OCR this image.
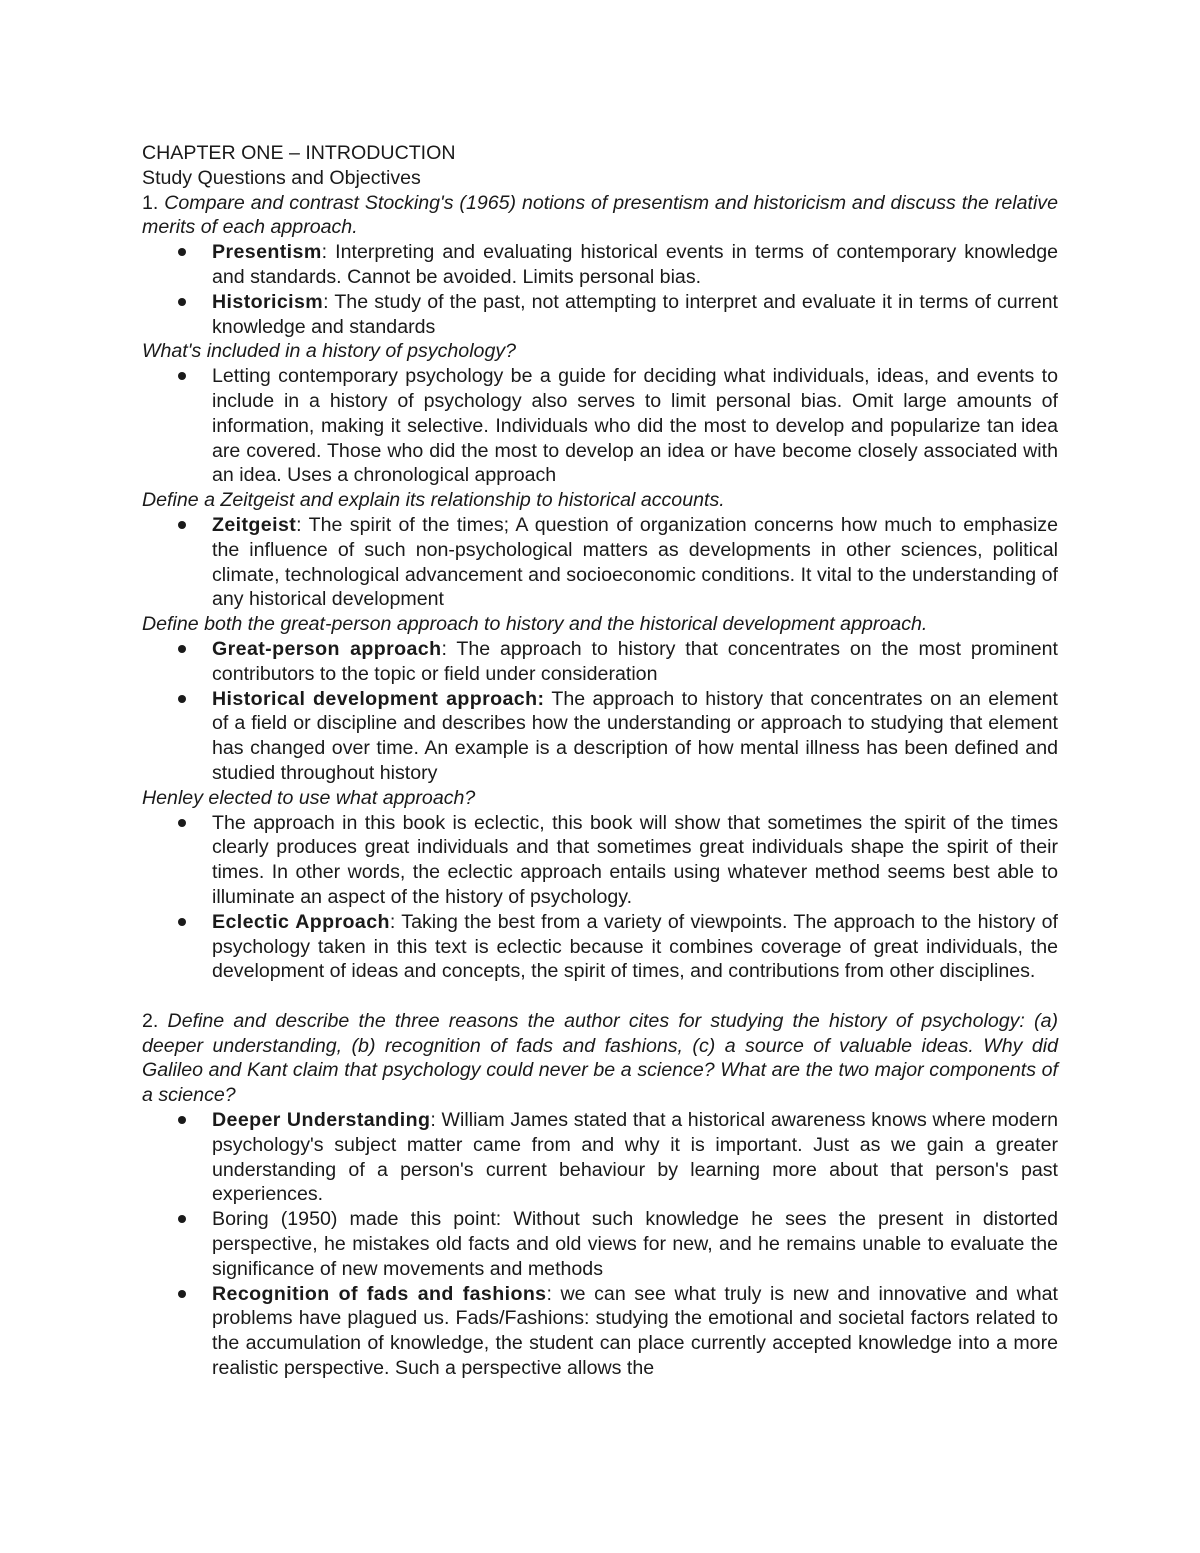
CHAPTER ONE – INTRODUCTION

Study Questions and Objectives

1. Compare and contrast Stocking's (1965) notions of presentism and historicism and discuss the relative merits of each approach.

Presentism: Interpreting and evaluating historical events in terms of contemporary knowledge and standards. Cannot be avoided. Limits personal bias.
Historicism: The study of the past, not attempting to interpret and evaluate it in terms of current knowledge and standards

What's included in a history of psychology?

Letting contemporary psychology be a guide for deciding what individuals, ideas, and events to include in a history of psychology also serves to limit personal bias. Omit large amounts of information, making it selective. Individuals who did the most to develop and popularize tan idea are covered. Those who did the most to develop an idea or have become closely associated with an idea. Uses a chronological approach

Define a Zeitgeist and explain its relationship to historical accounts.

Zeitgeist: The spirit of the times; A question of organization concerns how much to emphasize the influence of such non-psychological matters as developments in other sciences, political climate, technological advancement and socioeconomic conditions. It vital to the understanding of any historical development

Define both the great-person approach to history and the historical development approach.

Great-person approach: The approach to history that concentrates on the most prominent contributors to the topic or field under consideration
Historical development approach: The approach to history that concentrates on an element of a field or discipline and describes how the understanding or approach to studying that element has changed over time. An example is a description of how mental illness has been defined and studied throughout history

Henley elected to use what approach?

The approach in this book is eclectic, this book will show that sometimes the spirit of the times clearly produces great individuals and that sometimes great individuals shape the spirit of their times. In other words, the eclectic approach entails using whatever method seems best able to illuminate an aspect of the history of psychology.
Eclectic Approach: Taking the best from a variety of viewpoints. The approach to the history of psychology taken in this text is eclectic because it combines coverage of great individuals, the development of ideas and concepts, the spirit of times, and contributions from other disciplines.

2. Define and describe the three reasons the author cites for studying the history of psychology: (a) deeper understanding, (b) recognition of fads and fashions, (c) a source of valuable ideas. Why did Galileo and Kant claim that psychology could never be a science? What are the two major components of a science?

Deeper Understanding: William James stated that a historical awareness knows where modern psychology's subject matter came from and why it is important. Just as we gain a greater understanding of a person's current behaviour by learning more about that person's past experiences.
Boring (1950) made this point: Without such knowledge he sees the present in distorted perspective, he mistakes old facts and old views for new, and he remains unable to evaluate the significance of new movements and methods
Recognition of fads and fashions: we can see what truly is new and innovative and what problems have plagued us. Fads/Fashions: studying the emotional and societal factors related to the accumulation of knowledge, the student can place currently accepted knowledge into a more realistic perspective. Such a perspective allows the
